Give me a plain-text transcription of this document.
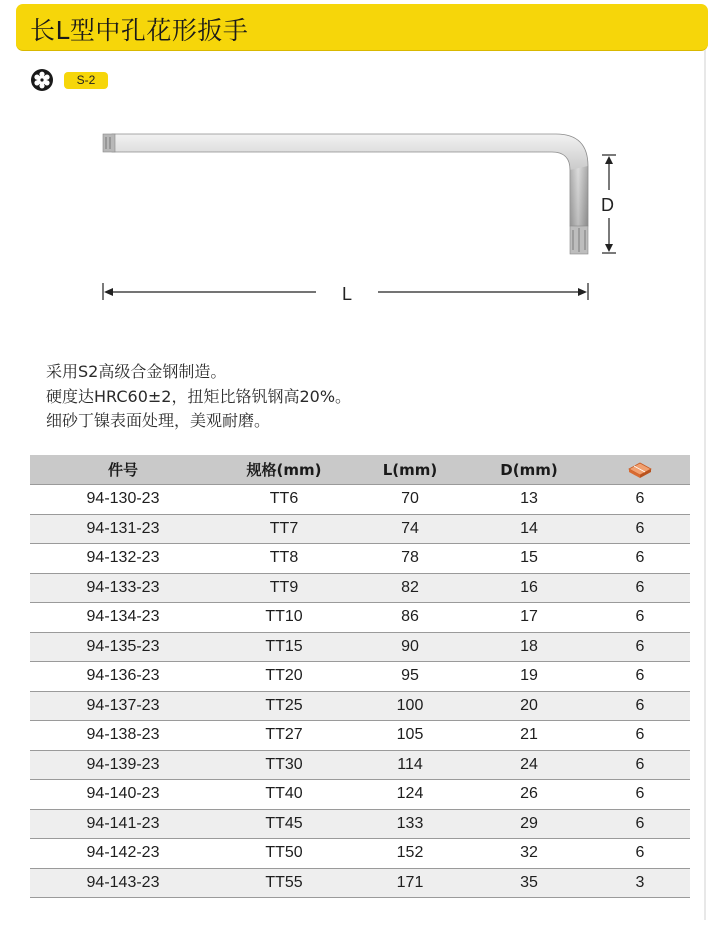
长L型中孔花形扳手
S-2
D
L
采用S2高级合金钢制造。
硬度达HRC60±2，扭矩比铬钒钢高20%。
细砂丁镍表面处理，美观耐磨。
件号	规格(mm)	L(mm)	D(mm)	
94-130-23	TT6	70	13	6
94-131-23	TT7	74	14	6
94-132-23	TT8	78	15	6
94-133-23	TT9	82	16	6
94-134-23	TT10	86	17	6
94-135-23	TT15	90	18	6
94-136-23	TT20	95	19	6
94-137-23	TT25	100	20	6
94-138-23	TT27	105	21	6
94-139-23	TT30	114	24	6
94-140-23	TT40	124	26	6
94-141-23	TT45	133	29	6
94-142-23	TT50	152	32	6
94-143-23	TT55	171	35	3
